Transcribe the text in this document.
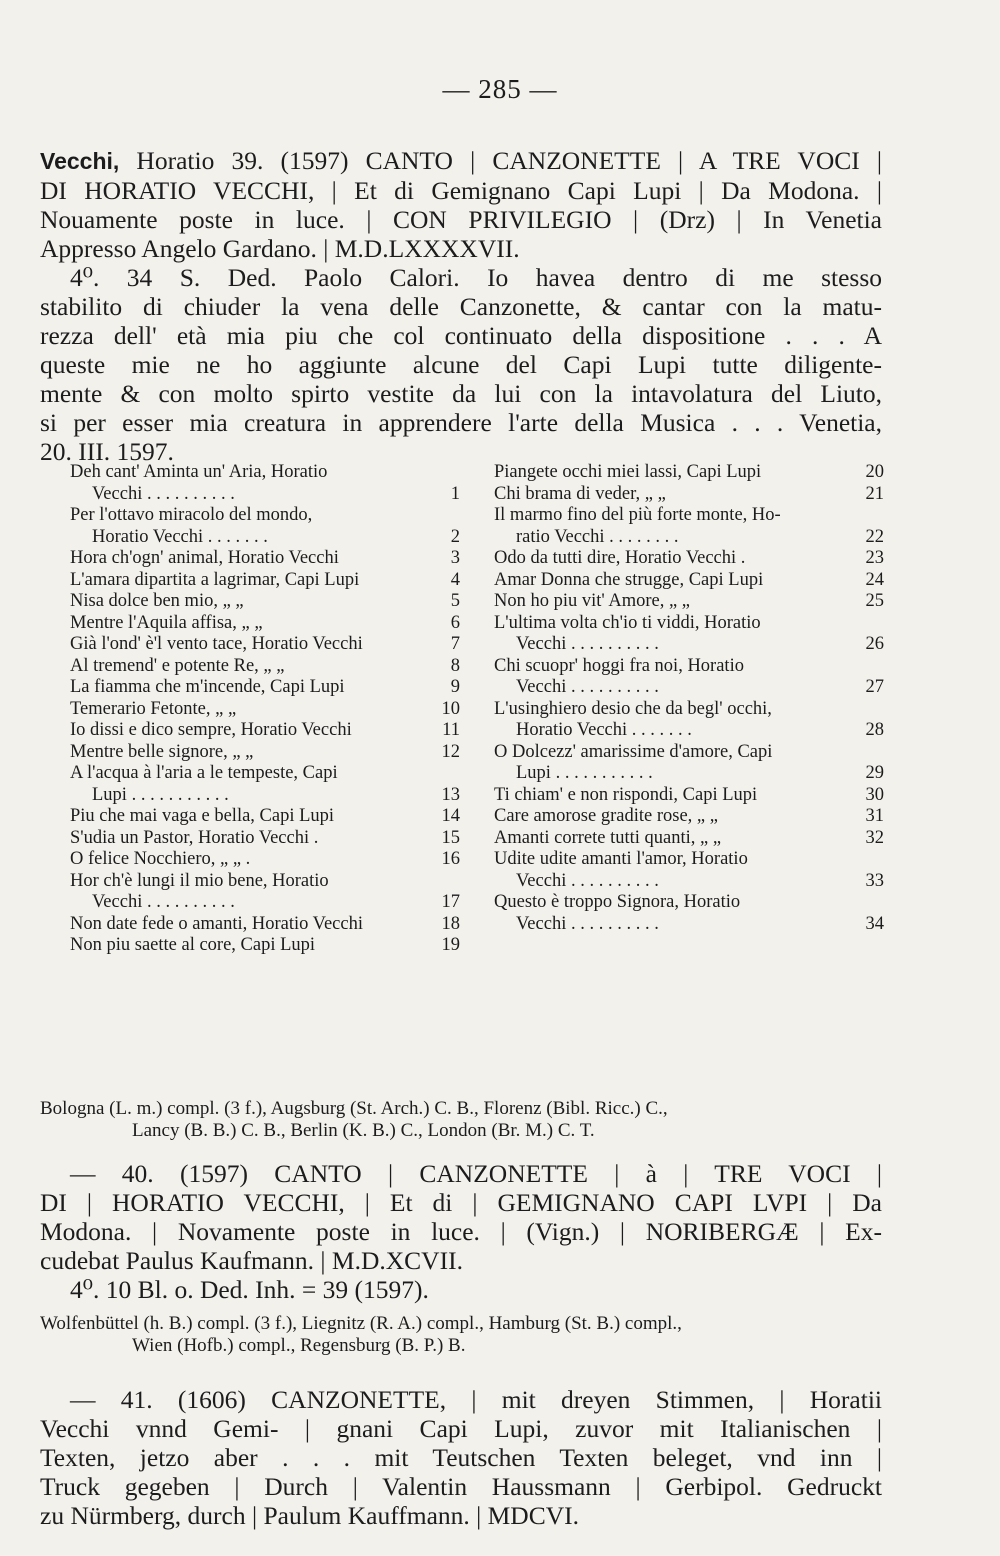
— 285 —
Vecchi, Horatio 39. (1597) CANTO | CANZONETTE | A TRE VOCI |
DI HORATIO VECCHI, | Et di Gemignano Capi Lupi | Da Modona. |
Nouamente poste in luce. | CON PRIVILEGIO | (Drz) | In Venetia
Appresso Angelo Gardano. | M.D.LXXXXVII.
4⁰. 34 S. Ded. Paolo Calori. Io havea dentro di me stesso
stabilito di chiuder la vena delle Canzonette, & cantar con la matu-
rezza dell' età mia piu che col continuato della dispositione . . . A
queste mie ne ho aggiunte alcune del Capi Lupi tutte diligente-
mente & con molto spirto vestite da lui con la intavolatura del Liuto,
si per esser mia creatura in apprendere l'arte della Musica . . . Venetia,
20. III. 1597.
Deh cant' Aminta un' Aria, Horatio
Vecchi . . . . . . . . . .	1
Per l'ottavo miracolo del mondo,
Horatio Vecchi . . . . . . .	2
Hora ch'ogn' animal, Horatio Vecchi	3
L'amara dipartita a lagrimar, Capi Lupi	4
Nisa dolce ben mio, „ „	5
Mentre l'Aquila affisa, „ „	6
Già l'ond' è'l vento tace, Horatio Vecchi	7
Al tremend' e potente Re, „ „	8
La fiamma che m'incende, Capi Lupi	9
Temerario Fetonte, „ „	10
Io dissi e dico sempre, Horatio Vecchi	11
Mentre belle signore, „ „	12
A l'acqua à l'aria a le tempeste, Capi
Lupi . . . . . . . . . . .	13
Piu che mai vaga e bella, Capi Lupi	14
S'udia un Pastor, Horatio Vecchi .	15
O felice Nocchiero, „ „ .	16
Hor ch'è lungi il mio bene, Horatio
Vecchi . . . . . . . . . .	17
Non date fede o amanti, Horatio Vecchi	18
Non piu saette al core, Capi Lupi	19
Piangete occhi miei lassi, Capi Lupi	20
Chi brama di veder, „ „	21
Il marmo fino del più forte monte, Ho-
ratio Vecchi . . . . . . . .	22
Odo da tutti dire, Horatio Vecchi .	23
Amar Donna che strugge, Capi Lupi	24
Non ho piu vit' Amore, „ „	25
L'ultima volta ch'io ti viddi, Horatio
Vecchi . . . . . . . . . .	26
Chi scuopr' hoggi fra noi, Horatio
Vecchi . . . . . . . . . .	27
L'usinghiero desio che da begl' occhi,
Horatio Vecchi . . . . . . .	28
O Dolcezz' amarissime d'amore, Capi
Lupi . . . . . . . . . . .	29
Ti chiam' e non rispondi, Capi Lupi	30
Care amorose gradite rose, „ „	31
Amanti correte tutti quanti, „ „	32
Udite udite amanti l'amor, Horatio
Vecchi . . . . . . . . . .	33
Questo è troppo Signora, Horatio
Vecchi . . . . . . . . . .	34
Bologna (L. m.) compl. (3 f.), Augsburg (St. Arch.) C. B., Florenz (Bibl. Ricc.) C.,
Lancy (B. B.) C. B., Berlin (K. B.) C., London (Br. M.) C. T.
— 40. (1597) CANTO | CANZONETTE | à | TRE VOCI |
DI | HORATIO VECCHI, | Et di | GEMIGNANO CAPI LVPI | Da
Modona. | Novamente poste in luce. | (Vign.) | NORIBERGÆ | Ex-
cudebat Paulus Kaufmann. | M.D.XCVII.
4⁰. 10 Bl. o. Ded. Inh. = 39 (1597).
Wolfenbüttel (h. B.) compl. (3 f.), Liegnitz (R. A.) compl., Hamburg (St. B.) compl.,
Wien (Hofb.) compl., Regensburg (B. P.) B.
— 41. (1606) CANZONETTE, | mit dreyen Stimmen, | Horatii
Vecchi vnnd Gemi- | gnani Capi Lupi, zuvor mit Italianischen |
Texten, jetzo aber . . . mit Teutschen Texten beleget, vnd inn |
Truck gegeben | Durch | Valentin Haussmann | Gerbipol. Gedruckt
zu Nürmberg, durch | Paulum Kauffmann. | MDCVI.
